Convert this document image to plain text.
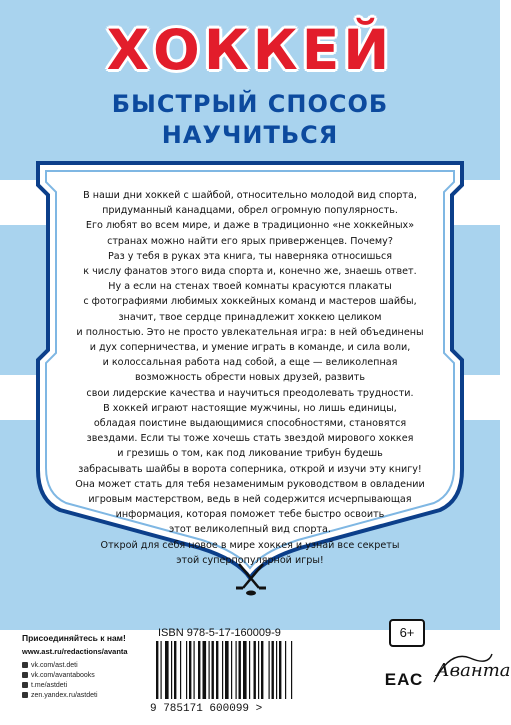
ХОККЕЙ
БЫСТРЫЙ СПОСОБ
НАУЧИТЬСЯ

В наши дни хоккей с шайбой, относительно молодой вид спорта,

придуманный канадцами, обрел огромную популярность.

Его любят во всем мире, и даже в традиционно «не хоккейных»

странах можно найти его ярых приверженцев. Почему?

Раз у тебя в руках эта книга, ты наверняка относишься

к числу фанатов этого вида спорта и, конечно же, знаешь ответ.

Ну а если на стенах твоей комнаты красуются плакаты

с фотографиями любимых хоккейных команд и мастеров шайбы,

значит, твое сердце принадлежит хоккею целиком

и полностью. Это не просто увлекательная игра: в ней объединены

и дух соперничества, и умение играть в команде, и сила воли,

и колоссальная работа над собой, а еще — великолепная

возможность обрести новых друзей, развить

свои лидерские качества и научиться преодолевать трудности.

В хоккей играют настоящие мужчины, но лишь единицы,

обладая поистине выдающимися способностями, становятся

звездами. Если ты тоже хочешь стать звездой мирового хоккея

и грезишь о том, как под ликование трибун будешь

забрасывать шайбы в ворота соперника, открой и изучи эту книгу!

Она может стать для тебя незаменимым руководством в овладении

игровым мастерством, ведь в ней содержится исчерпывающая

информация, которая поможет тебе быстро освоить

этот великолепный вид спорта.

Открой для себя новое в мире хоккея и узнай все секреты

этой суперпопулярной игры!

Присоединяйтесь к нам!
www.ast.ru/redactions/avanta
vk.com/ast.deti
vk.com/avantabooks
t.me/astdeti
zen.yandex.ru/astdeti
ISBN 978-5-17-160009-9
9 785171 600099 >
6+
ЕАС Аванта
